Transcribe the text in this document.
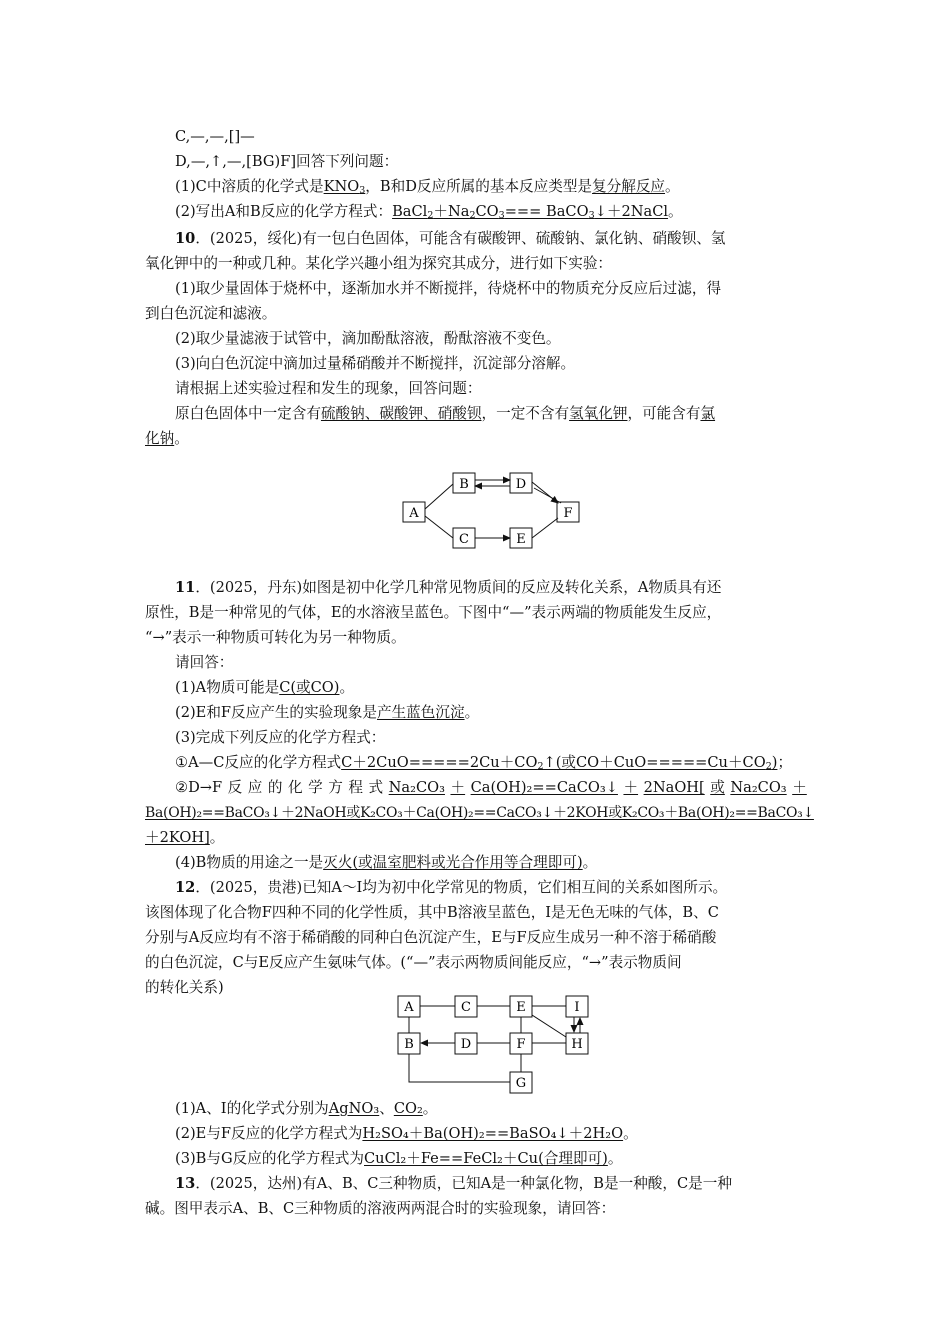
C,—,—,[]—
D,—,↑,—,[BG)F]回答下列问题：
(1)C中溶质的化学式是$KNO_3$，B和D反应所属的基本反应类型是复分解反应。
(2)写出A和B反应的化学方程式：$BaCl_2+Na_2CO_3===$ BaCO$_3$↓＋2NaCl。
10．(2025，绥化)有一包白色固体，可能含有碳酸钾、硫酸钠、氯化钠、硝酸钡、氢
氧化钾中的一种或几种。某化学兴趣小组为探究其成分，进行如下实验：
(1)取少量固体于烧杯中，逐渐加水并不断搅拌，待烧杯中的物质充分反应后过滤，得
到白色沉淀和滤液。
(2)取少量滤液于试管中，滴加酚酞溶液，酚酞溶液不变色。
(3)向白色沉淀中滴加过量稀硝酸并不断搅拌，沉淀部分溶解。
请根据上述实验过程和发生的现象，回答问题：
原白色固体中一定含有硫酸钠、碳酸钾、硝酸钡，一定不含有氢氧化钾，可能含有氯
化钠。
A
B
C
D
E
F
11．(2025，丹东)如图是初中化学几种常见物质间的反应及转化关系，A物质具有还
原性，B是一种常见的气体，E的水溶液呈蓝色。下图中“—”表示两端的物质能发生反应，
“→”表示一种物质可转化为另一种物质。
请回答：
(1)A物质可能是C(或CO)。
(2)E和F反应产生的实验现象是产生蓝色沉淀。
(3)完成下列反应的化学方程式：
①A—C反应的化学方程式$C+2CuO=====2Cu+CO_2↑$(或$CO+CuO=====Cu+CO_2$)；
②D→F 反 应 的 化 学 方 程 式 Na₂CO₃ ＋ Ca(OH)₂==CaCO₃↓ ＋ 2NaOH[ 或 Na₂CO₃ ＋
Ba(OH)₂==BaCO₃↓＋2NaOH或K₂CO₃＋Ca(OH)₂==CaCO₃↓＋2KOH或K₂CO₃＋Ba(OH)₂==BaCO₃↓
＋2KOH]。
(4)B物质的用途之一是灭火(或温室肥料或光合作用等合理即可)。
12．(2025，贵港)已知A～I均为初中化学常见的物质，它们相互间的关系如图所示。
该图体现了化合物F四种不同的化学性质，其中B溶液呈蓝色，I是无色无味的气体，B、C
分别与A反应均有不溶于稀硝酸的同种白色沉淀产生，E与F反应生成另一种不溶于稀硝酸
的白色沉淀，C与E反应产生氨味气体。(“—”表示两物质间能反应，“→”表示物质间
的转化关系)
A	C	E	I
B	D	F	H
G
(1)A、I的化学式分别为AgNO₃、CO₂。
(2)E与F反应的化学方程式为H₂SO₄＋Ba(OH)₂==BaSO₄↓＋2H₂O。
(3)B与G反应的化学方程式为CuCl₂＋Fe==FeCl₂＋Cu(合理即可)。
13．(2025，达州)有A、B、C三种物质，已知A是一种氯化物，B是一种酸，C是一种
碱。图甲表示A、B、C三种物质的溶液两两混合时的实验现象，请回答：
